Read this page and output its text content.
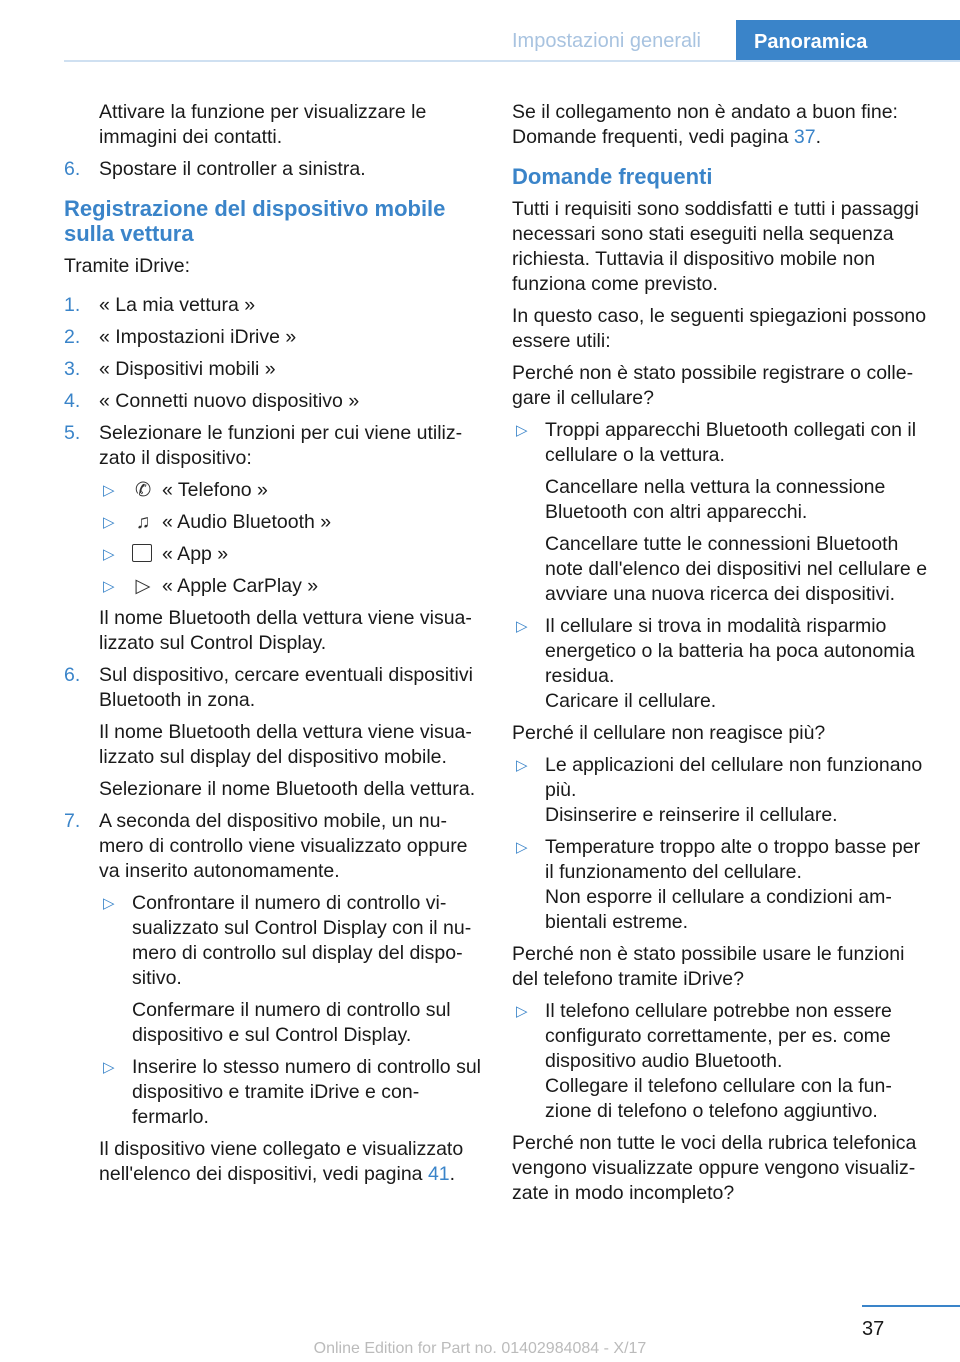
Impostazioni generali	Panoramica

Attivare la funzione per visualizzare le immagini dei contatti.

6. Spostare il controller a sinistra.
Registrazione del dispositivo mobile sulla vettura

Tramite iDrive:

1. « La mia vettura »
2. « Impostazioni iDrive »
3. « Dispositivi mobili »
4. « Connetti nuovo dispositivo »
5. Selezionare le funzioni per cui viene utilizzato il dispositivo:
▷ ✆ « Telefono »
▷ ♫ « Audio Bluetooth »
▷ « App »
▷ ▷ « Apple CarPlay »

Il nome Bluetooth della vettura viene visualizzato sul Control Display.

6. Sul dispositivo, cercare eventuali dispositivi Bluetooth in zona.

Il nome Bluetooth della vettura viene visualizzato sul display del dispositivo mobile.

Selezionare il nome Bluetooth della vettura.

7. A seconda del dispositivo mobile, un numero di controllo viene visualizzato oppure va inserito autonomamente.
▷ Confrontare il numero di controllo visualizzato sul Control Display con il numero di controllo sul display del dispositivo.

Confermare il numero di controllo sul dispositivo e sul Control Display.

▷ Inserire lo stesso numero di controllo sul dispositivo e tramite iDrive e confermarlo.

Il dispositivo viene collegato e visualizzato nell'elenco dei dispositivi, vedi pagina 41.

Se il collegamento non è andato a buon fine: Domande frequenti, vedi pagina 37.

Domande frequenti

Tutti i requisiti sono soddisfatti e tutti i passaggi necessari sono stati eseguiti nella sequenza richiesta. Tuttavia il dispositivo mobile non funziona come previsto.

In questo caso, le seguenti spiegazioni possono essere utili:

Perché non è stato possibile registrare o collegare il cellulare?

▷ Troppi apparecchi Bluetooth collegati con il cellulare o la vettura.

Cancellare nella vettura la connessione Bluetooth con altri apparecchi.

Cancellare tutte le connessioni Bluetooth note dall'elenco dei dispositivi nel cellulare e avviare una nuova ricerca dei dispositivi.

▷ Il cellulare si trova in modalità risparmio energetico o la batteria ha poca autonomia residua.

Caricare il cellulare.

Perché il cellulare non reagisce più?

▷ Le applicazioni del cellulare non funzionano più.

Disinserire e reinserire il cellulare.

▷ Temperature troppo alte o troppo basse per il funzionamento del cellulare.

Non esporre il cellulare a condizioni ambientali estreme.

Perché non è stato possibile usare le funzioni del telefono tramite iDrive?

▷ Il telefono cellulare potrebbe non essere configurato correttamente, per es. come dispositivo audio Bluetooth.

Collegare il telefono cellulare con la funzione di telefono o telefono aggiuntivo.

Perché non tutte le voci della rubrica telefonica vengono visualizzate oppure vengono visualizzate in modo incompleto?

37
Online Edition for Part no. 01402984084 - X/17
